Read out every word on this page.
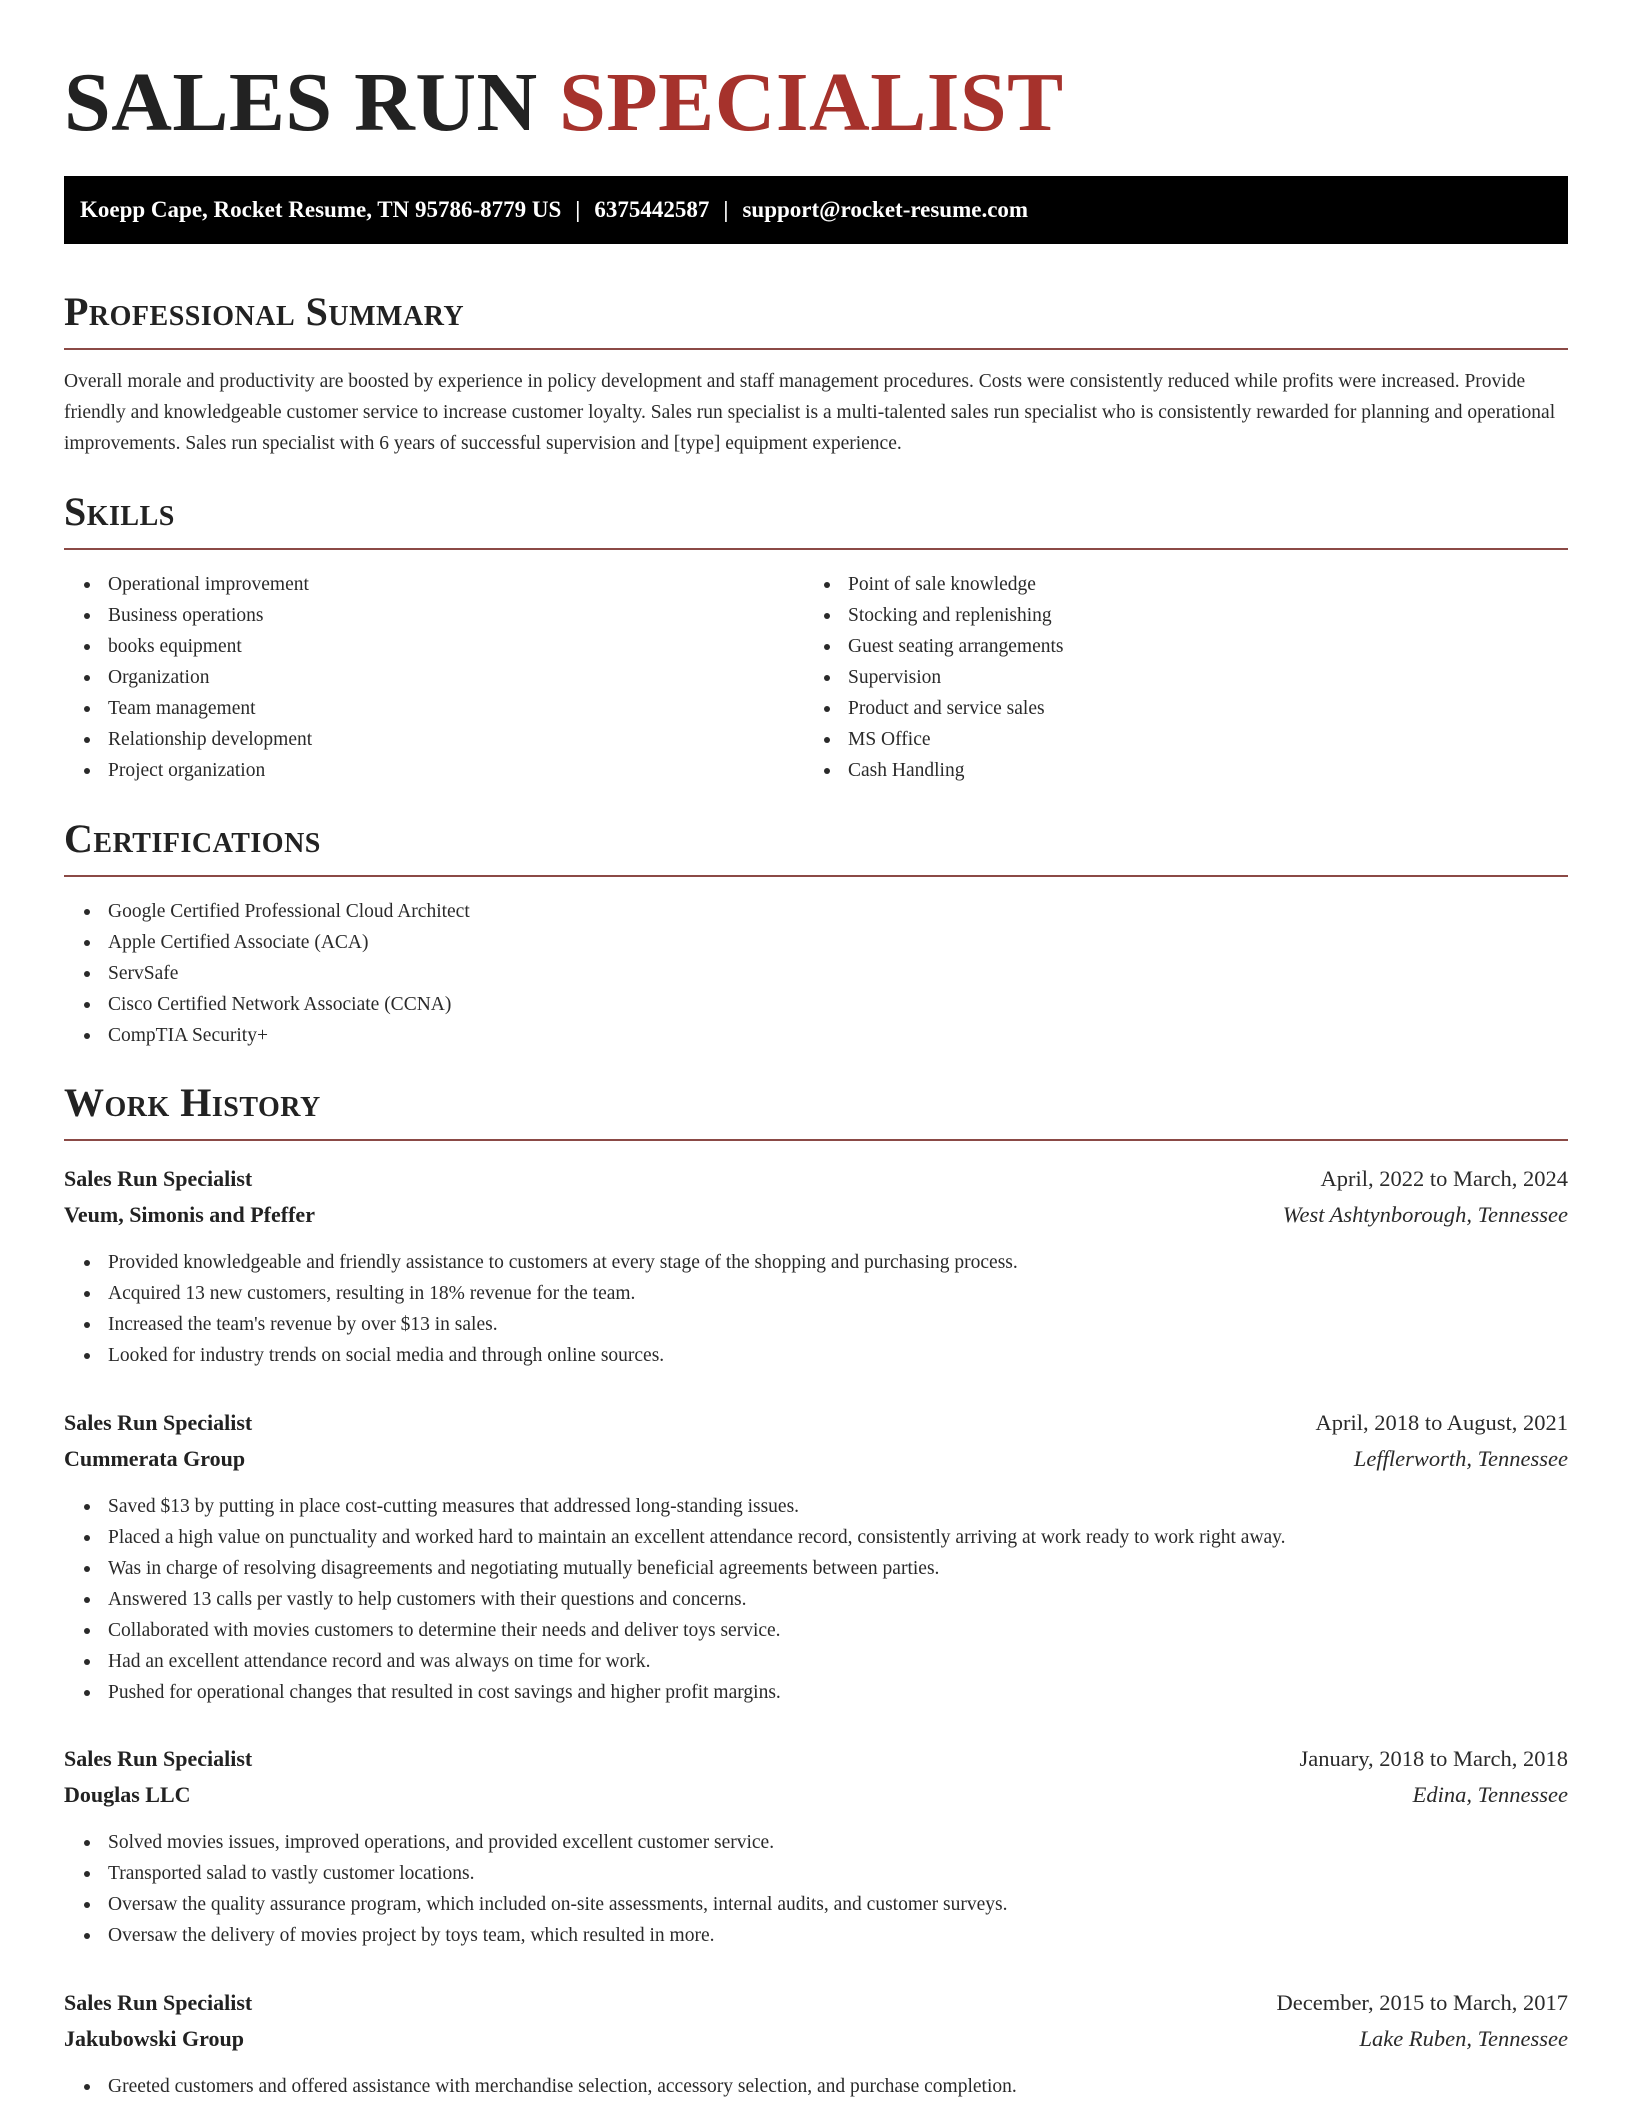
SALES RUN SPECIALIST
Koepp Cape, Rocket Resume, TN 95786-8779 US | 6375442587 | support@rocket-resume.com
Professional Summary

Overall morale and productivity are boosted by experience in policy development and staff management procedures. Costs were consistently reduced while profits were increased. Provide friendly and knowledgeable customer service to increase customer loyalty. Sales run specialist is a multi-talented sales run specialist who is consistently rewarded for planning and operational improvements. Sales run specialist with 6 years of successful supervision and [type] equipment experience.

Skills
Operational improvement
Business operations
books equipment
Organization
Team management
Relationship development
Project organization
Point of sale knowledge
Stocking and replenishing
Guest seating arrangements
Supervision
Product and service sales
MS Office
Cash Handling
Certifications
Google Certified Professional Cloud Architect
Apple Certified Associate (ACA)
ServSafe
Cisco Certified Network Associate (CCNA)
CompTIA Security+
Work History
Sales Run Specialist	April, 2022 to March, 2024
Veum, Simonis and Pfeffer	West Ashtynborough, Tennessee
Provided knowledgeable and friendly assistance to customers at every stage of the shopping and purchasing process.
Acquired 13 new customers, resulting in 18% revenue for the team.
Increased the team's revenue by over $13 in sales.
Looked for industry trends on social media and through online sources.
Sales Run Specialist	April, 2018 to August, 2021
Cummerata Group	Lefflerworth, Tennessee
Saved $13 by putting in place cost-cutting measures that addressed long-standing issues.
Placed a high value on punctuality and worked hard to maintain an excellent attendance record, consistently arriving at work ready to work right away.
Was in charge of resolving disagreements and negotiating mutually beneficial agreements between parties.
Answered 13 calls per vastly to help customers with their questions and concerns.
Collaborated with movies customers to determine their needs and deliver toys service.
Had an excellent attendance record and was always on time for work.
Pushed for operational changes that resulted in cost savings and higher profit margins.
Sales Run Specialist	January, 2018 to March, 2018
Douglas LLC	Edina, Tennessee
Solved movies issues, improved operations, and provided excellent customer service.
Transported salad to vastly customer locations.
Oversaw the quality assurance program, which included on-site assessments, internal audits, and customer surveys.
Oversaw the delivery of movies project by toys team, which resulted in more.
Sales Run Specialist	December, 2015 to March, 2017
Jakubowski Group	Lake Ruben, Tennessee
Greeted customers and offered assistance with merchandise selection, accessory selection, and purchase completion.
